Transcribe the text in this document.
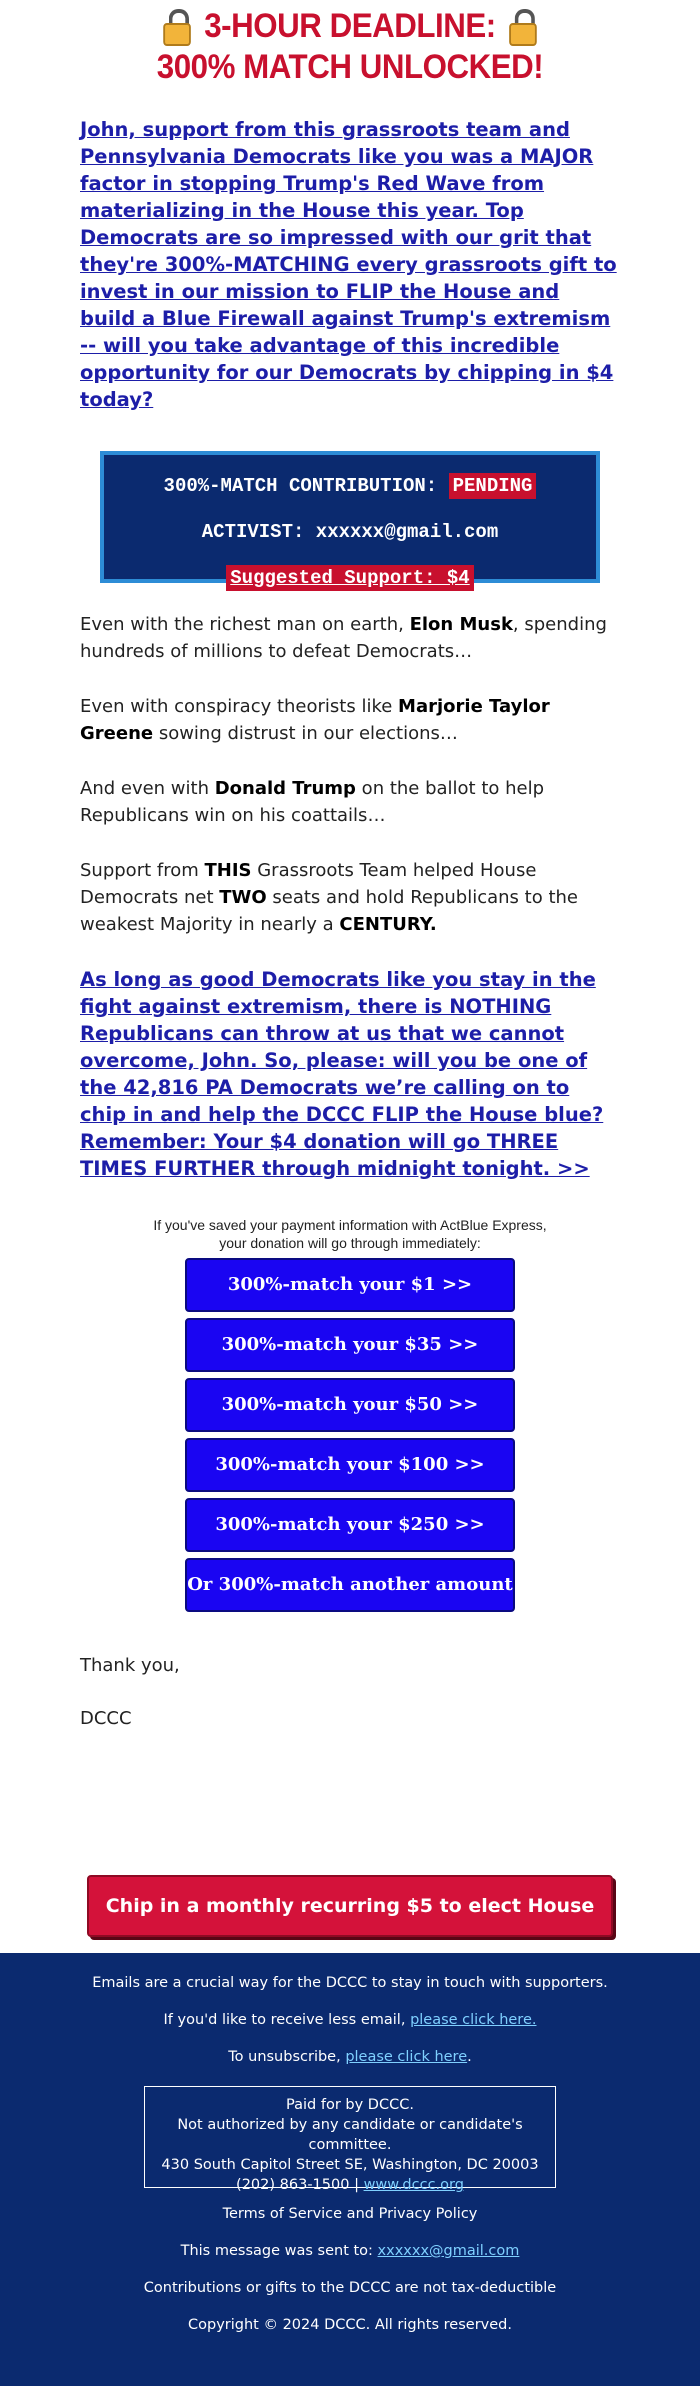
3-HOUR DEADLINE:
300% MATCH UNLOCKED!
John, support from this grassroots team and Pennsylvania Democrats like you was a MAJOR factor in stopping Trump's Red Wave from materializing in the House this year. Top Democrats are so impressed with our grit that they're 300%-MATCHING every grassroots gift to invest in our mission to FLIP the House and build a Blue Firewall against Trump's extremism -- will you take advantage of this incredible opportunity for our Democrats by chipping in $4 today?
300%-MATCH CONTRIBUTION: PENDING
ACTIVIST: xxxxxx@gmail.com
Suggested Support: $4

Even with the richest man on earth, Elon Musk, spending hundreds of millions to defeat Democrats…

Even with conspiracy theorists like Marjorie Taylor Greene sowing distrust in our elections…

And even with Donald Trump on the ballot to help Republicans win on his coattails…

Support from THIS Grassroots Team helped House Democrats net TWO seats and hold Republicans to the weakest Majority in nearly a CENTURY.

As long as good Democrats like you stay in the fight against extremism, there is NOTHING Republicans can throw at us that we cannot overcome, John. So, please: will you be one of the 42,816 PA Democrats we’re calling on to chip in and help the DCCC FLIP the House blue? Remember: Your $4 donation will go THREE TIMES FURTHER through midnight tonight. >>
If you've saved your payment information with ActBlue Express,
your donation will go through immediately:
300%-match your $1 >>
300%-match your $35 >>
300%-match your $50 >>
300%-match your $100 >>
300%-match your $250 >>
Or 300%-match another amount >>
Thank you,
DCCC
Chip in a monthly recurring $5 to elect House
Emails are a crucial way for the DCCC to stay in touch with supporters.
If you'd like to receive less email, please click here.
To unsubscribe, please click here.
Paid for by DCCC.
Not authorized by any candidate or candidate's committee.
430 South Capitol Street SE, Washington, DC 20003
(202) 863-1500 | www.dccc.org
Terms of Service and Privacy Policy
This message was sent to: xxxxxx@gmail.com
Contributions or gifts to the DCCC are not tax-deductible
Copyright © 2024 DCCC. All rights reserved.
